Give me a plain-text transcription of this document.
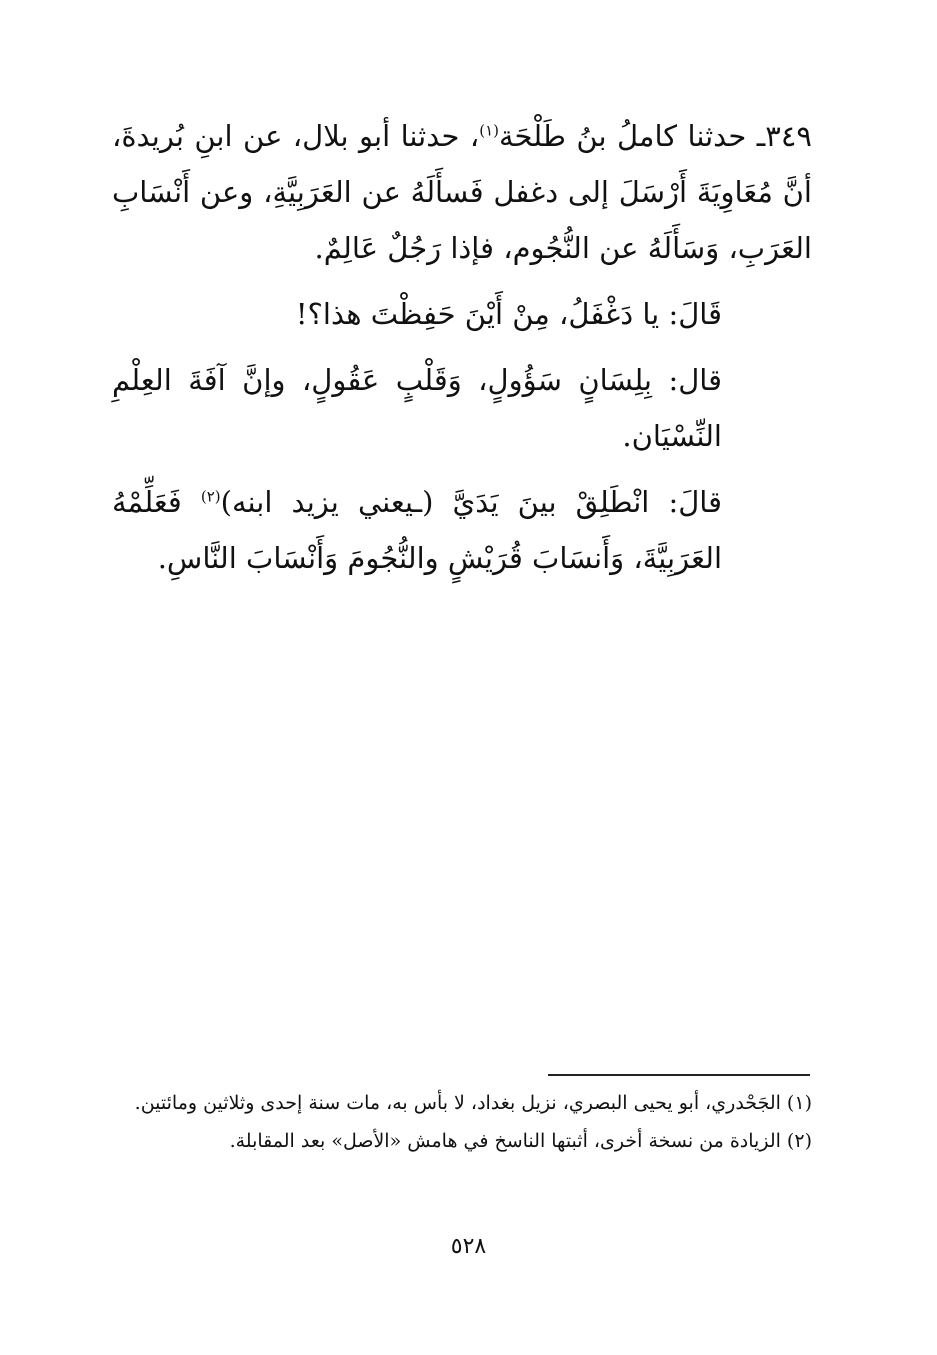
٣٤٩ـ حدثنا كاملُ بنُ طَلْحَة$^{(١)}$، حدثنا أبو بلال، عن ابنِ بُريدةَ، أنَّ مُعَاوِيَةَ أَرْسَلَ إلى دغفل فَسأَلَهُ عن العَرَبِيَّةِ، وعن أَنْسَابِ العَرَبِ، وَسَأَلَهُ عن النُّجُوم، فإذا رَجُلٌ عَالِمٌ.

قَالَ: يا دَغْفَلُ، مِنْ أَيْنَ حَفِظْتَ هذا؟!

قال: بِلِسَانٍ سَؤُولٍ، وَقَلْبٍ عَقُولٍ، وإنَّ آفَةَ العِلْمِ النِّسْيَان.

قالَ: انْطَلِقْ بينَ يَدَيَّ (ـيعني يزيد ابنه)$^{(٢)}$ فَعَلِّمْهُ العَرَبِيَّةَ، وَأَنسَابَ قُرَيْشٍ والنُّجُومَ وَأَنْسَابَ النَّاسِ.

(١) الجَحْدري، أبو يحيى البصري، نزيل بغداد، لا بأس به، مات سنة إحدى وثلاثين ومائتين.

(٢) الزيادة من نسخة أخرى، أثبتها الناسخ في هامش «الأصل» بعد المقابلة.

٥٢٨
